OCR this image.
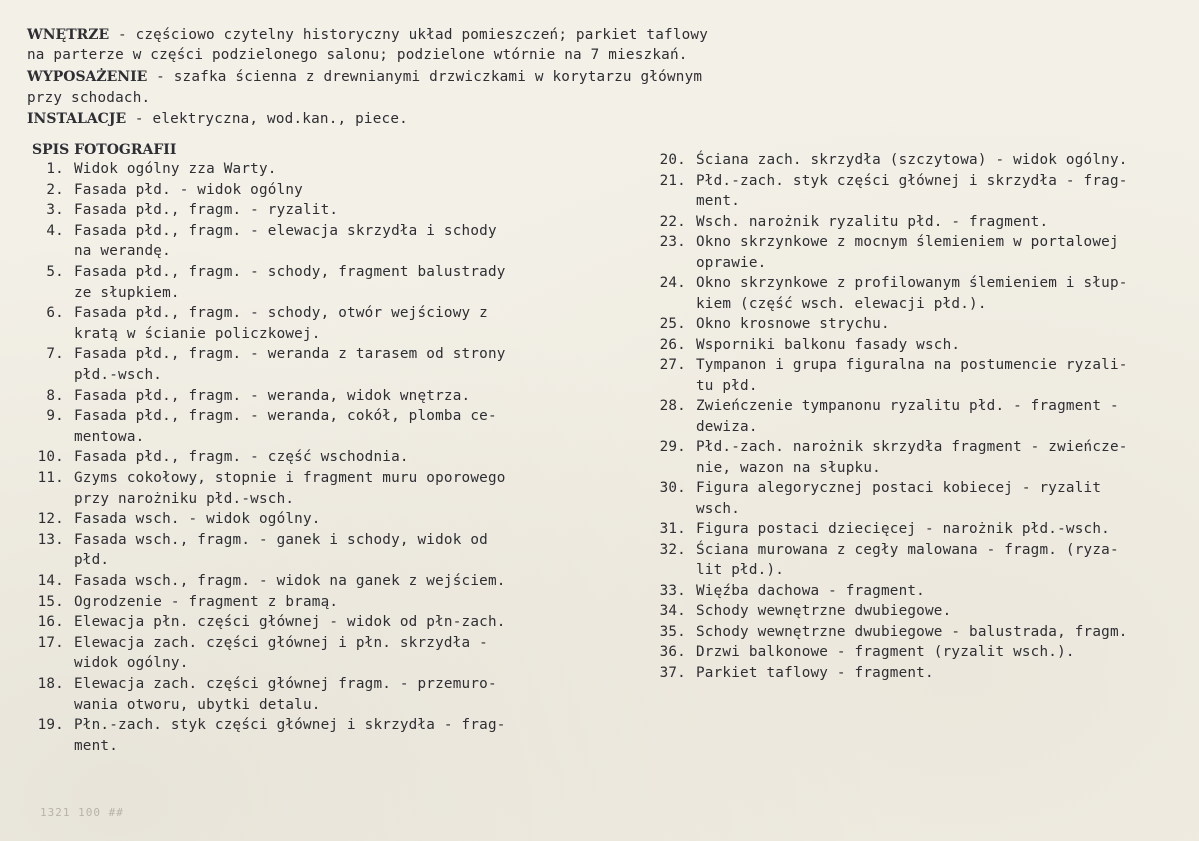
WNĘTRZE - częściowo czytelny historyczny układ pomieszczeń; parkiet taflowy
na parterze w części podzielonego salonu; podzielone wtórnie na 7 mieszkań.
WYPOSAŻENIE - szafka ścienna z drewnianymi drzwiczkami w korytarzu głównym
przy schodach.
INSTALACJE - elektryczna, wod.kan., piece.
SPIS FOTOGRAFII
1. Widok ogólny zza Warty.
2. Fasada płd. - widok ogólny
3. Fasada płd., fragm. - ryzalit.
4. Fasada płd., fragm. - elewacja skrzydła i schody
na werandę.
5. Fasada płd., fragm. - schody, fragment balustrady
ze słupkiem.
6. Fasada płd., fragm. - schody, otwór wejściowy z
kratą w ścianie policzkowej.
7. Fasada płd., fragm. - weranda z tarasem od strony
płd.-wsch.
8. Fasada płd., fragm. - weranda, widok wnętrza.
9. Fasada płd., fragm. - weranda, cokół, plomba ce-
mentowa.
10. Fasada płd., fragm. - część wschodnia.
11. Gzyms cokołowy, stopnie i fragment muru oporowego
przy narożniku płd.-wsch.
12. Fasada wsch. - widok ogólny.
13. Fasada wsch., fragm. - ganek i schody, widok od
płd.
14. Fasada wsch., fragm. - widok na ganek z wejściem.
15. Ogrodzenie - fragment z bramą.
16. Elewacja płn. części głównej - widok od płn-zach.
17. Elewacja zach. części głównej i płn. skrzydła -
widok ogólny.
18. Elewacja zach. części głównej fragm. - przemuro-
wania otworu, ubytki detalu.
19. Płn.-zach. styk części głównej i skrzydła - frag-
ment.
20. Ściana zach. skrzydła (szczytowa) - widok ogólny.
21. Płd.-zach. styk części głównej i skrzydła - frag-
ment.
22. Wsch. narożnik ryzalitu płd. - fragment.
23. Okno skrzynkowe z mocnym ślemieniem w portalowej
oprawie.
24. Okno skrzynkowe z profilowanym ślemieniem i słup-
kiem (część wsch. elewacji płd.).
25. Okno krosnowe strychu.
26. Wsporniki balkonu fasady wsch.
27. Tympanon i grupa figuralna na postumencie ryzali-
tu płd.
28. Zwieńczenie tympanonu ryzalitu płd. - fragment -
dewiza.
29. Płd.-zach. narożnik skrzydła fragment - zwieńcze-
nie, wazon na słupku.
30. Figura alegorycznej postaci kobiecej - ryzalit
wsch.
31. Figura postaci dziecięcej - narożnik płd.-wsch.
32. Ściana murowana z cegły malowana - fragm. (ryza-
lit płd.).
33. Więźba dachowa - fragment.
34. Schody wewnętrzne dwubiegowe.
35. Schody wewnętrzne dwubiegowe - balustrada, fragm.
36. Drzwi balkonowe - fragment (ryzalit wsch.).
37. Parkiet taflowy - fragment.
1321 100 ##
